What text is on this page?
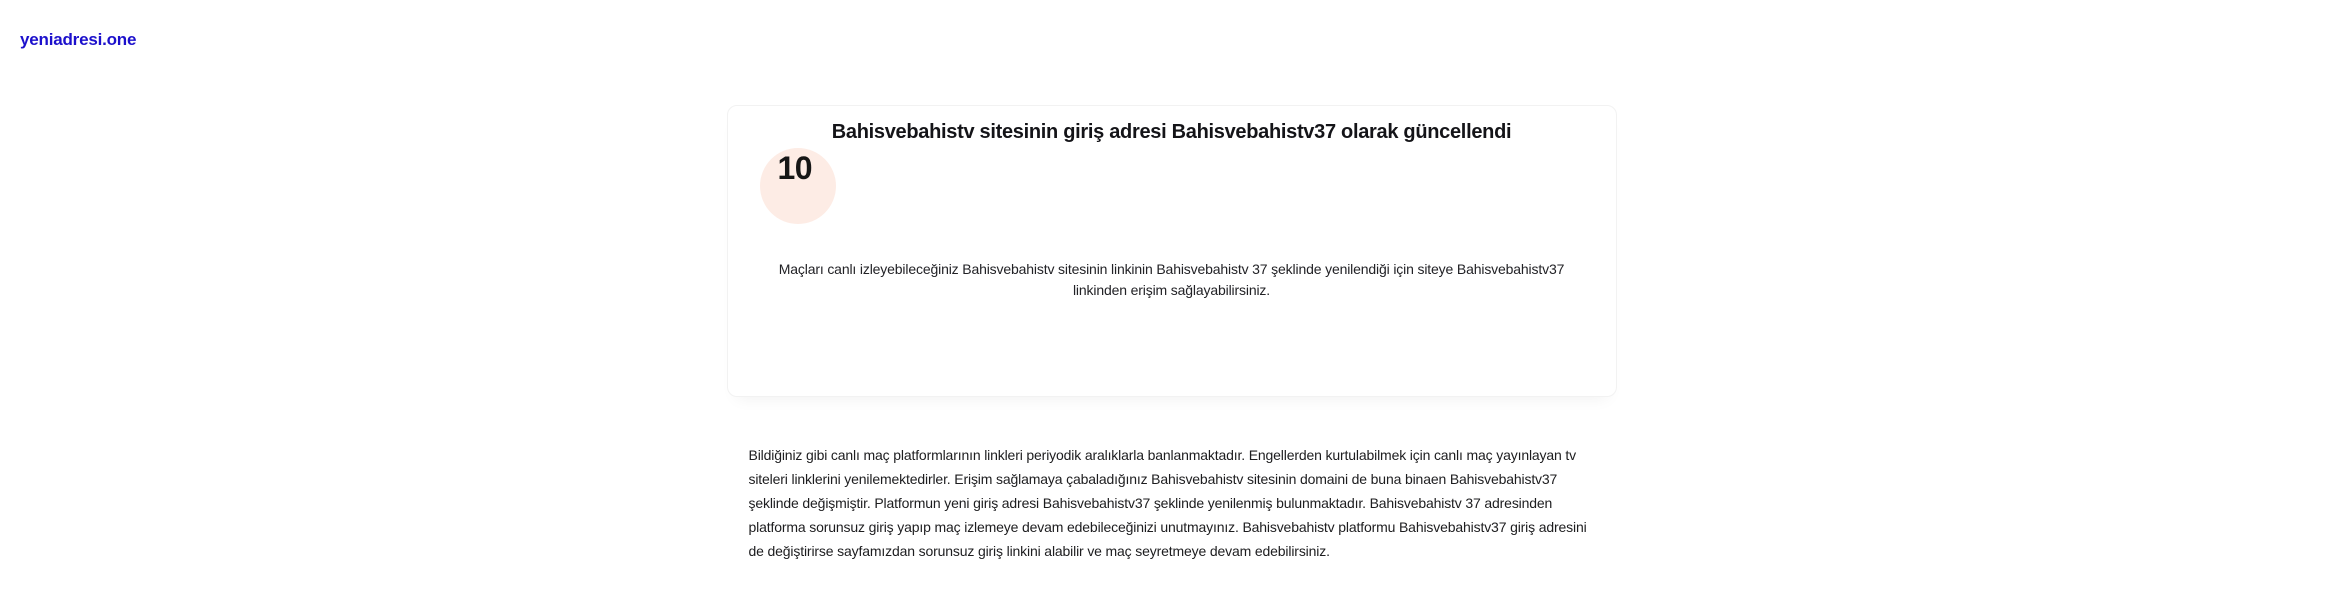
yeniadresi.one
Bahisvebahistv sitesinin giriş adresi Bahisvebahistv37 olarak güncellendi
10

Maçları canlı izleyebileceğiniz Bahisvebahistv sitesinin linkinin Bahisvebahistv 37 şeklinde yenilendiği için siteye Bahisvebahistv37 linkinden erişim sağlayabilirsiniz.

Bildiğiniz gibi canlı maç platformlarının linkleri periyodik aralıklarla banlanmaktadır. Engellerden kurtulabilmek için canlı maç yayınlayan tv siteleri linklerini yenilemektedirler. Erişim sağlamaya çabaladığınız Bahisvebahistv sitesinin domaini de buna binaen Bahisvebahistv37 şeklinde değişmiştir. Platformun yeni giriş adresi Bahisvebahistv37 şeklinde yenilenmiş bulunmaktadır. Bahisvebahistv 37 adresinden platforma sorunsuz giriş yapıp maç izlemeye devam edebileceğinizi unutmayınız. Bahisvebahistv platformu Bahisvebahistv37 giriş adresini de değiştirirse sayfamızdan sorunsuz giriş linkini alabilir ve maç seyretmeye devam edebilirsiniz.
